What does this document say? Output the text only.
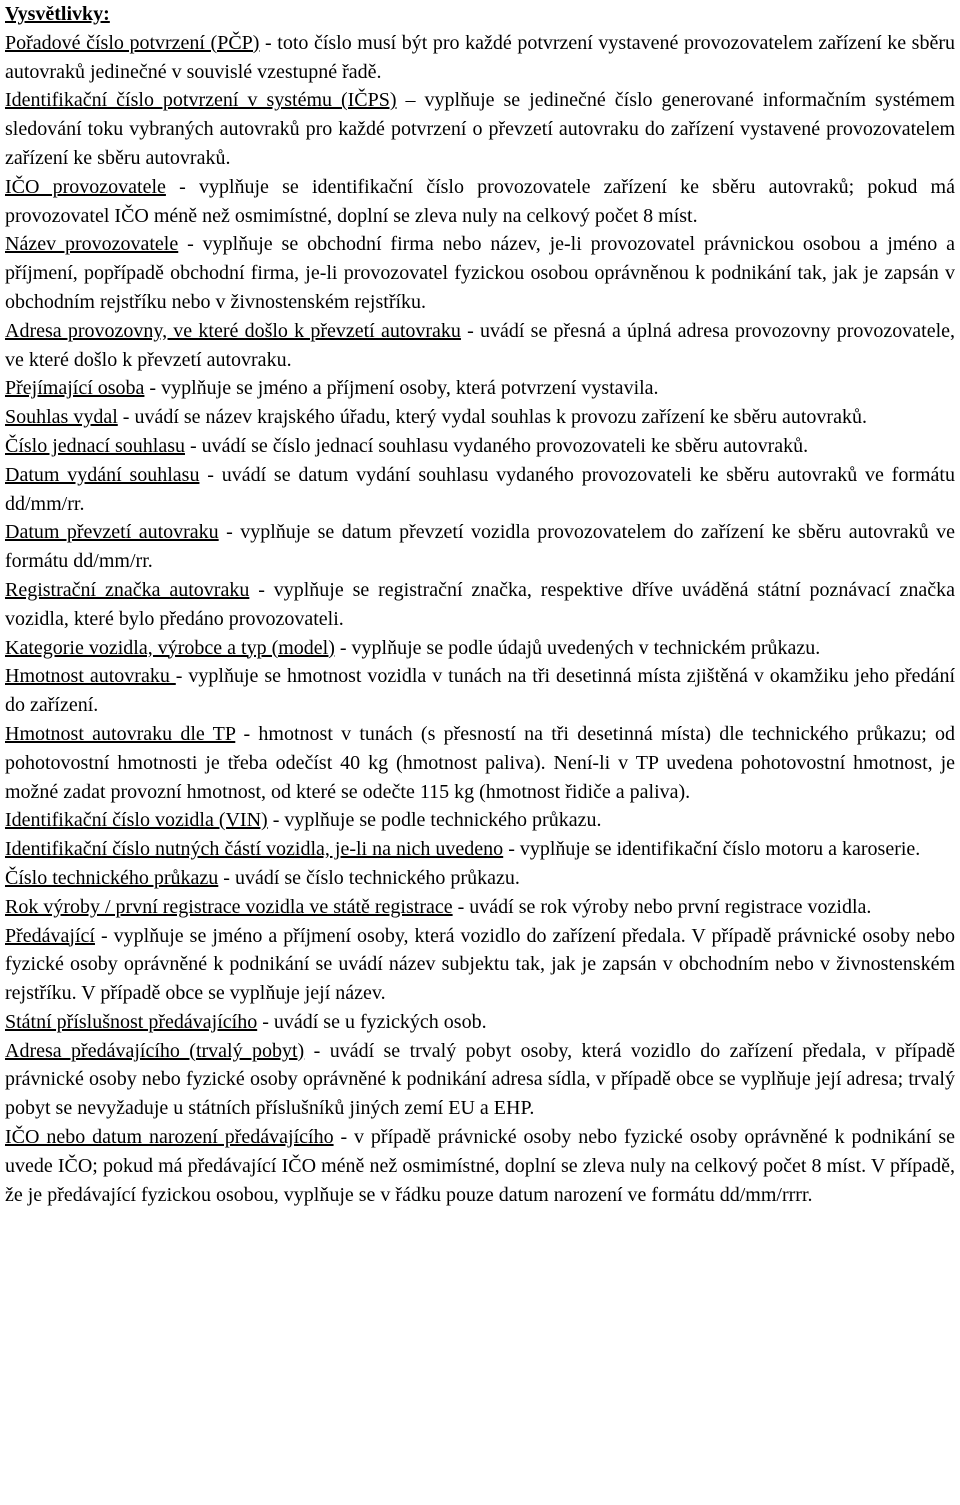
Vysvětlivky:

Pořadové číslo potvrzení (PČP) - toto číslo musí být pro každé potvrzení vystavené provozovatelem zařízení ke sběru autovraků jedinečné v souvislé vzestupné řadě.

Identifikační číslo potvrzení v systému (IČPS) – vyplňuje se jedinečné číslo generované informačním systémem sledování toku vybraných autovraků pro každé potvrzení o převzetí autovraku do zařízení vystavené provozovatelem zařízení ke sběru autovraků.

IČO provozovatele - vyplňuje se identifikační číslo provozovatele zařízení ke sběru autovraků; pokud má provozovatel IČO méně než osmimístné, doplní se zleva nuly na celkový počet 8 míst.

Název provozovatele - vyplňuje se obchodní firma nebo název, je-li provozovatel právnickou osobou a jméno a příjmení, popřípadě obchodní firma, je-li provozovatel fyzickou osobou oprávněnou k podnikání tak, jak je zapsán v obchodním rejstříku nebo v živnostenském rejstříku.

Adresa provozovny, ve které došlo k převzetí autovraku - uvádí se přesná a úplná adresa provozovny provozovatele, ve které došlo k převzetí autovraku.

Přejímající osoba - vyplňuje se jméno a příjmení osoby, která potvrzení vystavila.

Souhlas vydal - uvádí se název krajského úřadu, který vydal souhlas k provozu zařízení ke sběru autovraků.

Číslo jednací souhlasu - uvádí se číslo jednací souhlasu vydaného provozovateli ke sběru autovraků.

Datum vydání souhlasu - uvádí se datum vydání souhlasu vydaného provozovateli ke sběru autovraků ve formátu dd/mm/rr.

Datum převzetí autovraku - vyplňuje se datum převzetí vozidla provozovatelem do zařízení ke sběru autovraků ve formátu dd/mm/rr.

Registrační značka autovraku - vyplňuje se registrační značka, respektive dříve uváděná státní poznávací značka vozidla, které bylo předáno provozovateli.

Kategorie vozidla, výrobce a typ (model) - vyplňuje se podle údajů uvedených v technickém průkazu.

Hmotnost autovraku - vyplňuje se hmotnost vozidla v tunách na tři desetinná místa zjištěná v okamžiku jeho předání do zařízení.

Hmotnost autovraku dle TP - hmotnost v tunách (s přesností na tři desetinná místa) dle technického průkazu; od pohotovostní hmotnosti je třeba odečíst 40 kg (hmotnost paliva). Není-li v TP uvedena pohotovostní hmotnost, je možné zadat provozní hmotnost, od které se odečte 115 kg (hmotnost řidiče a paliva).

Identifikační číslo vozidla (VIN) - vyplňuje se podle technického průkazu.

Identifikační číslo nutných částí vozidla, je-li na nich uvedeno - vyplňuje se identifikační číslo motoru a karoserie.

Číslo technického průkazu - uvádí se číslo technického průkazu.

Rok výroby / první registrace vozidla ve státě registrace - uvádí se rok výroby nebo první registrace vozidla.

Předávající - vyplňuje se jméno a příjmení osoby, která vozidlo do zařízení předala. V případě právnické osoby nebo fyzické osoby oprávněné k podnikání se uvádí název subjektu tak, jak je zapsán v obchodním nebo v živnostenském rejstříku. V případě obce se vyplňuje její název.

Státní příslušnost předávajícího - uvádí se u fyzických osob.

Adresa předávajícího (trvalý pobyt) - uvádí se trvalý pobyt osoby, která vozidlo do zařízení předala, v případě právnické osoby nebo fyzické osoby oprávněné k podnikání adresa sídla, v případě obce se vyplňuje její adresa; trvalý pobyt se nevyžaduje u státních příslušníků jiných zemí EU a EHP.

IČO nebo datum narození předávajícího - v případě právnické osoby nebo fyzické osoby oprávněné k podnikání se uvede IČO; pokud má předávající IČO méně než osmimístné, doplní se zleva nuly na celkový počet 8 míst. V případě, že je předávající fyzickou osobou, vyplňuje se v řádku pouze datum narození ve formátu dd/mm/rrrr.
